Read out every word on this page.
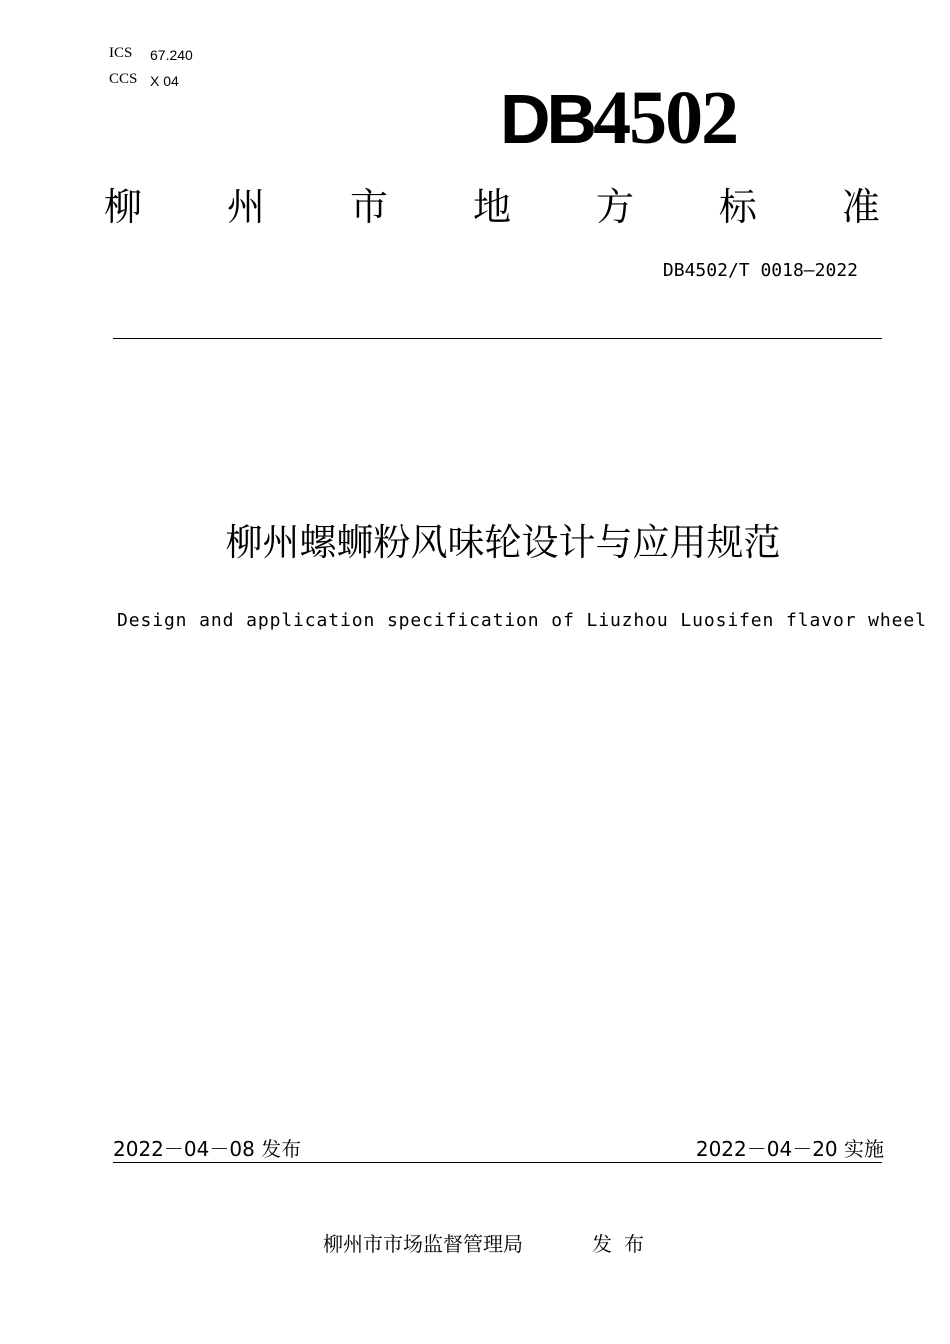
ICS 67.240
CCS X 04	DB4502
柳 州 市 地 方 标 准
DB4502/T 0018—2022
柳州螺蛳粉风味轮设计与应用规范
Design and application specification of Liuzhou Luosifen flavor wheel
2022－04－08 发布	2022－04－20 实施
柳州市市场监督管理局	发布
